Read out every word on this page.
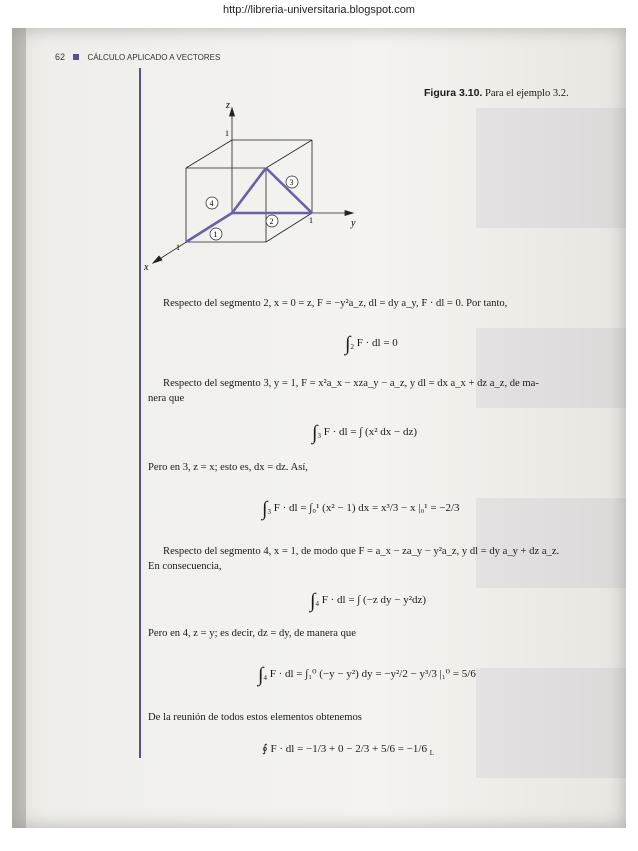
http://libreria-universitaria.blogspot.com
62	CÁLCULO APLICADO A VECTORES
Figura 3.10. Para el ejemplo 3.2.
z
y
x
1
1
1
1
2
3
4
Respecto del segmento 2, x = 0 = z, F = −y²a_z, dl = dy a_y, F · dl = 0. Por tanto,
$\int_2$ F · dl = 0
Respecto del segmento 3, y = 1, F = x²a_x − xza_y − a_z, y dl = dx a_x + dz a_z, de ma-
nera que
$\int_3$ F · dl = ∫ (x² dx − dz)
Pero en 3, z = x; esto es, dx = dz. Así,
$\int_3$ F · dl = ∫₀¹ (x² − 1) dx = x³/3 − x |₀¹ = −2/3
Respecto del segmento 4, x = 1, de modo que F = a_x − za_y − y²a_z, y dl = dy a_y + dz a_z.
En consecuencia,
$\int_4$ F · dl = ∫ (−z dy − y²dz)
Pero en 4, z = y; es decir, dz = dy, de manera que
$\int_4$ F · dl = ∫₁⁰ (−y − y²) dy = −y²/2 − y³/3 |₁⁰ = 5/6
De la reunión de todos estos elementos obtenemos
∮ F · dl = −1/3 + 0 − 2/3 + 5/6 = −1/6 $_L$
